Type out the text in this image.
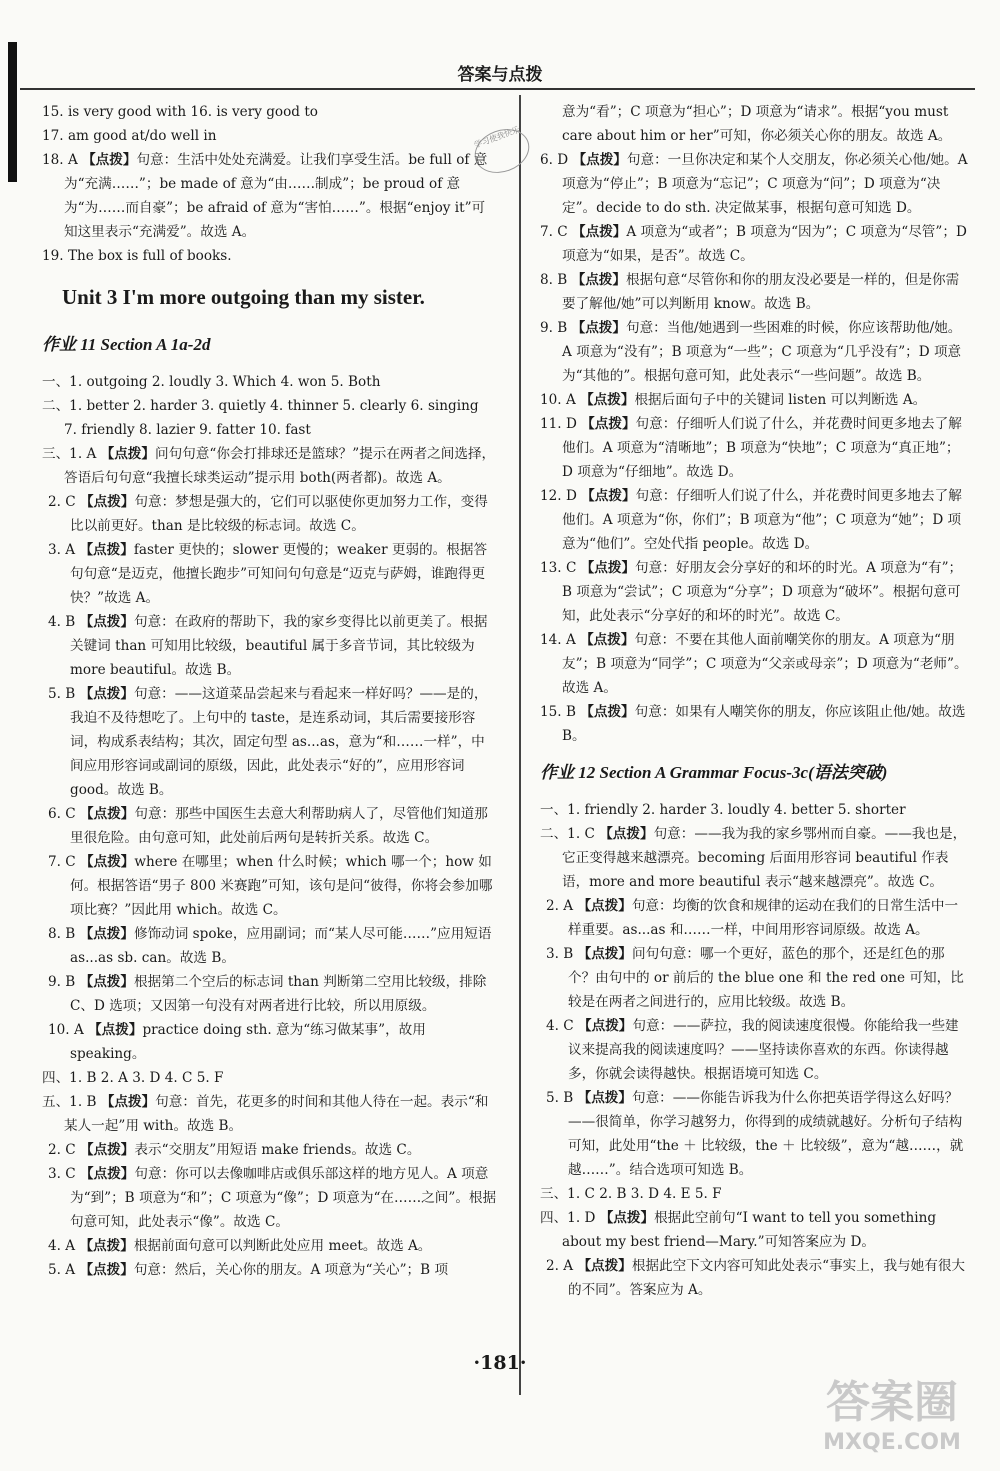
答案与点拨
学习使我快乐

15. is very good with 16. is very good to

17. am good at/do well in

18. A 【点拨】句意：生活中处处充满爱。让我们享受生活。be full of 意为“充满……”；be made of 意为“由……制成”；be proud of 意为“为……而自豪”；be afraid of 意为“害怕……”。根据“enjoy it”可知这里表示“充满爱”。故选 A。

19. The box is full of books.

Unit 3 I'm more outgoing than my sister.
作业 11 Section A 1a-2d

一、1. outgoing 2. loudly 3. Which 4. won 5. Both

二、1. better 2. harder 3. quietly 4. thinner 5. clearly 6. singing

7. friendly 8. lazier 9. fatter 10. fast

三、1. A 【点拨】问句句意“你会打排球还是篮球？”提示在两者之间选择，答语后句句意“我擅长球类运动”提示用 both(两者都)。故选 A。

2. C 【点拨】句意：梦想是强大的，它们可以驱使你更加努力工作，变得比以前更好。than 是比较级的标志词。故选 C。

3. A 【点拨】faster 更快的；slower 更慢的；weaker 更弱的。根据答句句意“是迈克，他擅长跑步”可知问句句意是“迈克与萨姆，谁跑得更快？”故选 A。

4. B 【点拨】句意：在政府的帮助下，我的家乡变得比以前更美了。根据关键词 than 可知用比较级，beautiful 属于多音节词，其比较级为 more beautiful。故选 B。

5. B 【点拨】句意：——这道菜品尝起来与看起来一样好吗？——是的，我迫不及待想吃了。上句中的 taste，是连系动词，其后需要接形容词，构成系表结构；其次，固定句型 as...as，意为“和……一样”，中间应用形容词或副词的原级，因此，此处表示“好的”，应用形容词 good。故选 B。

6. C 【点拨】句意：那些中国医生去意大利帮助病人了，尽管他们知道那里很危险。由句意可知，此处前后两句是转折关系。故选 C。

7. C 【点拨】where 在哪里；when 什么时候；which 哪一个；how 如何。根据答语“男子 800 米赛跑”可知，该句是问“彼得，你将会参加哪项比赛？”因此用 which。故选 C。

8. B 【点拨】修饰动词 spoke，应用副词；而“某人尽可能……”应用短语 as...as sb. can。故选 B。

9. B 【点拨】根据第二个空后的标志词 than 判断第二空用比较级，排除 C、D 选项；又因第一句没有对两者进行比较，所以用原级。

10. A 【点拨】practice doing sth. 意为“练习做某事”，故用 speaking。

四、1. B 2. A 3. D 4. C 5. F

五、1. B 【点拨】句意：首先，花更多的时间和其他人待在一起。表示“和某人一起”用 with。故选 B。

2. C 【点拨】表示“交朋友”用短语 make friends。故选 C。

3. C 【点拨】句意：你可以去像咖啡店或俱乐部这样的地方见人。A 项意为“到”；B 项意为“和”；C 项意为“像”；D 项意为“在……之间”。根据句意可知，此处表示“像”。故选 C。

4. A 【点拨】根据前面句意可以判断此处应用 meet。故选 A。

5. A 【点拨】句意：然后，关心你的朋友。A 项意为“关心”；B 项

意为“看”；C 项意为“担心”；D 项意为“请求”。根据“you must care about him or her”可知，你必须关心你的朋友。故选 A。

6. D 【点拨】句意：一旦你决定和某个人交朋友，你必须关心他/她。A 项意为“停止”；B 项意为“忘记”；C 项意为“问”；D 项意为“决定”。decide to do sth. 决定做某事，根据句意可知选 D。

7. C 【点拨】A 项意为“或者”；B 项意为“因为”；C 项意为“尽管”；D 项意为“如果，是否”。故选 C。

8. B 【点拨】根据句意“尽管你和你的朋友没必要是一样的，但是你需要了解他/她”可以判断用 know。故选 B。

9. B 【点拨】句意：当他/她遇到一些困难的时候，你应该帮助他/她。A 项意为“没有”；B 项意为“一些”；C 项意为“几乎没有”；D 项意为“其他的”。根据句意可知，此处表示“一些问题”。故选 B。

10. A 【点拨】根据后面句子中的关键词 listen 可以判断选 A。

11. D 【点拨】句意：仔细听人们说了什么，并花费时间更多地去了解他们。A 项意为“清晰地”；B 项意为“快地”；C 项意为“真正地”；D 项意为“仔细地”。故选 D。

12. D 【点拨】句意：仔细听人们说了什么，并花费时间更多地去了解他们。A 项意为“你，你们”；B 项意为“他”；C 项意为“她”；D 项意为“他们”。空处代指 people。故选 D。

13. C 【点拨】句意：好朋友会分享好的和坏的时光。A 项意为“有”；B 项意为“尝试”；C 项意为“分享”；D 项意为“破坏”。根据句意可知，此处表示“分享好的和坏的时光”。故选 C。

14. A 【点拨】句意：不要在其他人面前嘲笑你的朋友。A 项意为“朋友”；B 项意为“同学”；C 项意为“父亲或母亲”；D 项意为“老师”。故选 A。

15. B 【点拨】句意：如果有人嘲笑你的朋友，你应该阻止他/她。故选 B。

作业 12 Section A Grammar Focus-3c(语法突破)

一、1. friendly 2. harder 3. loudly 4. better 5. shorter

二、1. C 【点拨】句意：——我为我的家乡鄂州而自豪。——我也是，它正变得越来越漂亮。becoming 后面用形容词 beautiful 作表语，more and more beautiful 表示“越来越漂亮”。故选 C。

2. A 【点拨】句意：均衡的饮食和规律的运动在我们的日常生活中一样重要。as...as 和……一样，中间用形容词原级。故选 A。

3. B 【点拨】问句句意：哪一个更好，蓝色的那个，还是红色的那个？由句中的 or 前后的 the blue one 和 the red one 可知，比较是在两者之间进行的，应用比较级。故选 B。

4. C 【点拨】句意：——萨拉，我的阅读速度很慢。你能给我一些建议来提高我的阅读速度吗？——坚持读你喜欢的东西。你读得越多，你就会读得越快。根据语境可知选 C。

5. B 【点拨】句意：——你能告诉我为什么你把英语学得这么好吗？——很简单，你学习越努力，你得到的成绩就越好。分析句子结构可知，此处用“the ＋ 比较级，the ＋ 比较级”，意为“越……，就越……”。结合选项可知选 B。

三、1. C 2. B 3. D 4. E 5. F

四、1. D 【点拨】根据此空前句“I want to tell you something about my best friend—Mary.”可知答案应为 D。

2. A 【点拨】根据此空下文内容可知此处表示“事实上，我与她有很大的不同”。答案应为 A。

·181·
答案圈
MXQE.COM
